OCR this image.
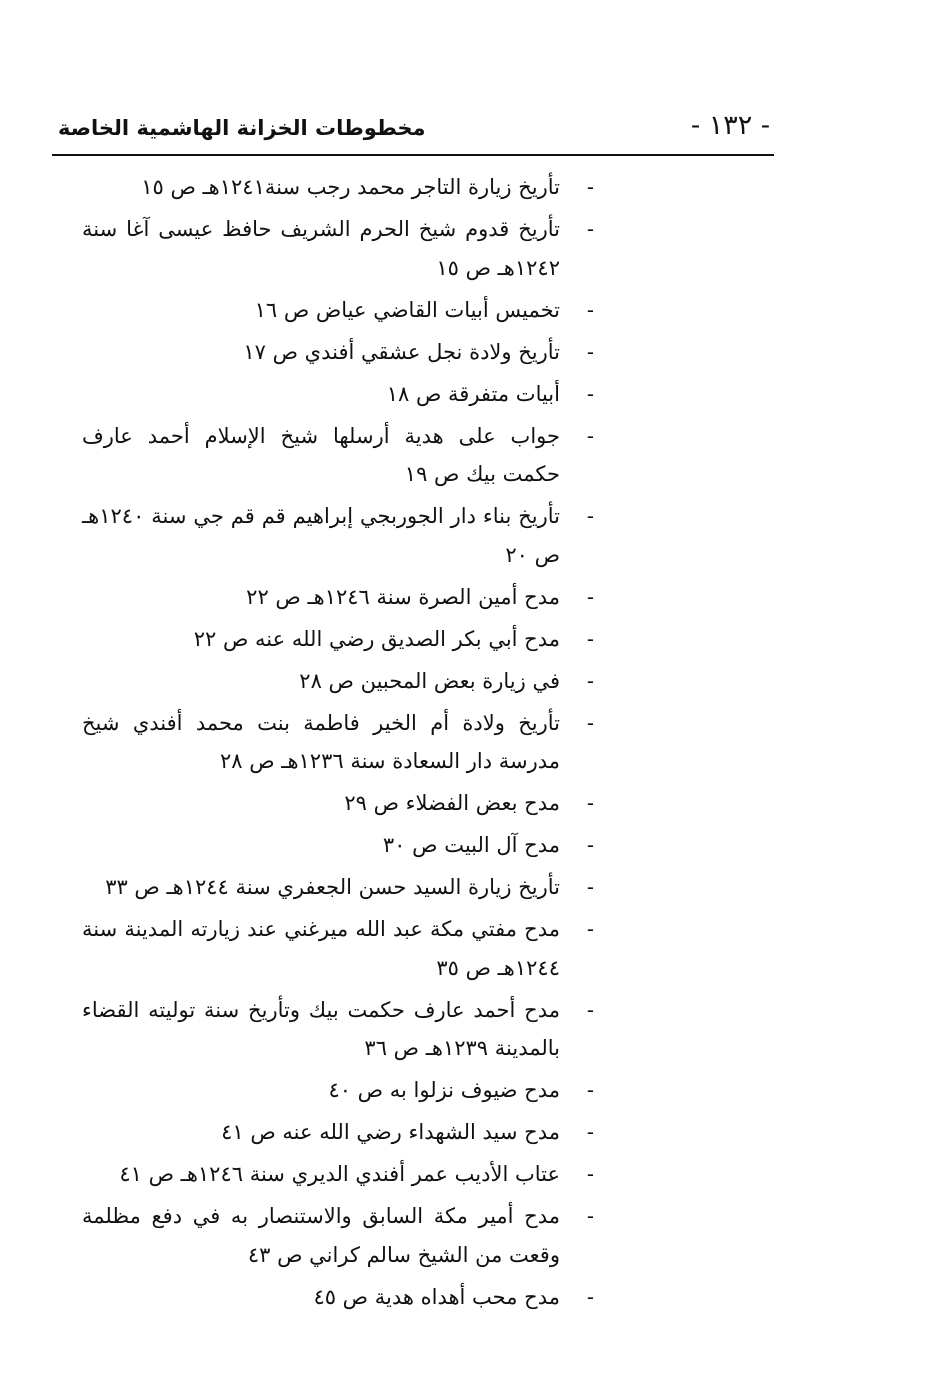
مخطوطات الخزانة الهاشمية الخاصة	- ١٣٢ -
-
تأريخ زيارة التاجر محمد رجب سنة١٢٤١هـ ص ١٥
-
تأريخ قدوم شيخ الحرم الشريف حافظ عيسى آغا سنة ١٢٤٢هـ ص ١٥
-
تخميس أبيات القاضي عياض ص ١٦
-
تأريخ ولادة نجل عشقي أفندي ص ١٧
-
أبيات متفرقة ص ١٨
-
جواب على هدية أرسلها شيخ الإسلام أحمد عارف حكمت بيك ص ١٩
-
تأريخ بناء دار الجوربجي إبراهيم قم قم جي سنة ١٢٤٠هـ ص ٢٠
-
مدح أمين الصرة سنة ١٢٤٦هـ ص ٢٢
-
مدح أبي بكر الصديق رضي الله عنه ص ٢٢
-
في زيارة بعض المحبين ص ٢٨
-
تأريخ ولادة أم الخير فاطمة بنت محمد أفندي شيخ مدرسة دار السعادة سنة ١٢٣٦هـ ص ٢٨
-
مدح بعض الفضلاء ص ٢٩
-
مدح آل البيت ص ٣٠
-
تأريخ زيارة السيد حسن الجعفري سنة ١٢٤٤هـ ص ٣٣
-
مدح مفتي مكة عبد الله ميرغني عند زيارته المدينة سنة ١٢٤٤هـ ص ٣٥
-
مدح أحمد عارف حكمت بيك وتأريخ سنة توليته القضاء بالمدينة ١٢٣٩هـ ص ٣٦
-
مدح ضيوف نزلوا به ص ٤٠
-
مدح سيد الشهداء رضي الله عنه ص ٤١
-
عتاب الأديب عمر أفندي الديري سنة ١٢٤٦هـ ص ٤١
-
مدح أمير مكة السابق والاستنصار به في دفع مظلمة وقعت من الشيخ سالم كراني ص ٤٣
-
مدح محب أهداه هدية ص ٤٥
